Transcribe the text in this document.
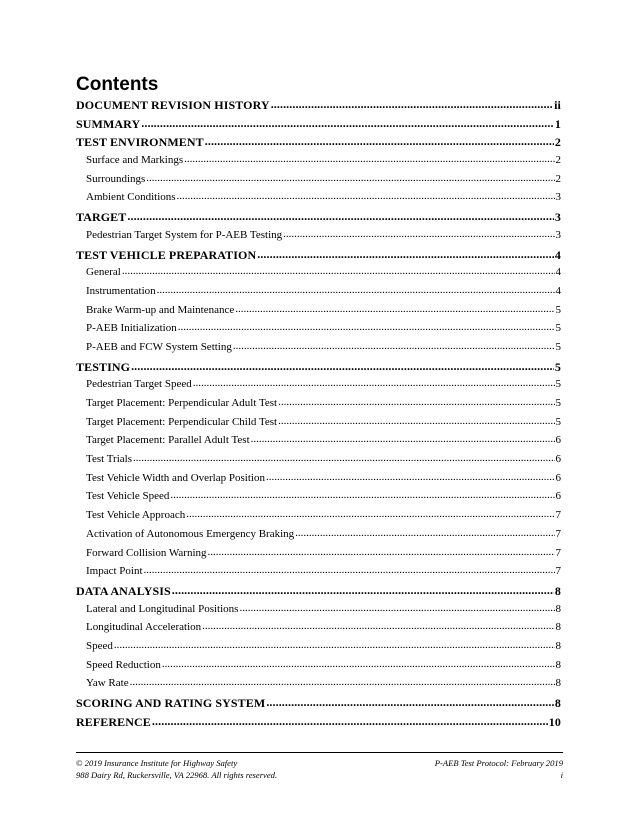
Contents
DOCUMENT REVISION HISTORY .....	ii
SUMMARY .....	1
TEST ENVIRONMENT .....	2
Surface and Markings .....	2
Surroundings .....	2
Ambient Conditions .....	3
TARGET .....	3
Pedestrian Target System for P-AEB Testing .....	3
TEST VEHICLE PREPARATION .....	4
General .....	4
Instrumentation .....	4
Brake Warm-up and Maintenance .....	5
P-AEB Initialization .....	5
P-AEB and FCW System Setting .....	5
TESTING .....	5
Pedestrian Target Speed .....	5
Target Placement: Perpendicular Adult Test .....	5
Target Placement: Perpendicular Child Test .....	5
Target Placement: Parallel Adult Test .....	6
Test Trials .....	6
Test Vehicle Width and Overlap Position .....	6
Test Vehicle Speed .....	6
Test Vehicle Approach .....	7
Activation of Autonomous Emergency Braking .....	7
Forward Collision Warning .....	7
Impact Point .....	7
DATA ANALYSIS .....	8
Lateral and Longitudinal Positions .....	8
Longitudinal Acceleration .....	8
Speed .....	8
Speed Reduction .....	8
Yaw Rate .....	8
SCORING AND RATING SYSTEM .....	8
REFERENCE .....	10
© 2019 Insurance Institute for Highway Safety
988 Dairy Rd, Ruckersville, VA 22968. All rights reserved.
P-AEB Test Protocol: February 2019
i
